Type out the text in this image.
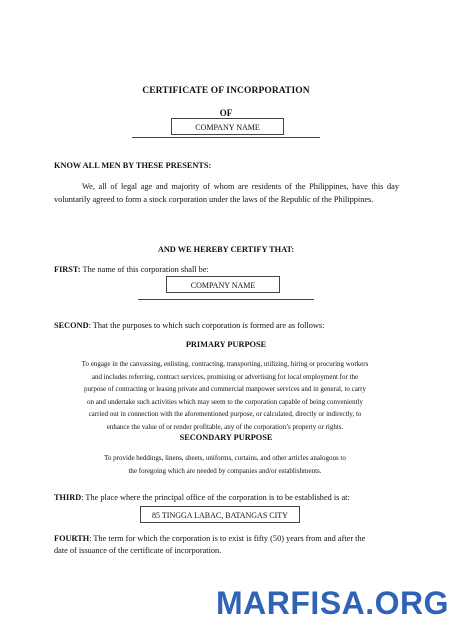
CERTIFICATE OF INCORPORATION
OF
COMPANY NAME
KNOW ALL MEN BY THESE PRESENTS:
We, all of legal age and majority of whom are residents of the Philippines, have this day voluntarily agreed to form a stock corporation under the laws of the Republic of the Philippines.
AND WE HEREBY CERTIFY THAT:
FIRST: The name of this corporation shall be:
COMPANY NAME
SECOND: That the purposes to which such corporation is formed are as follows:
PRIMARY PURPOSE
To engage in the canvassing, enlisting, contracting, transporting, utilizing, hiring or procuring workers
and includes referring, contract services, promising or advertising for local employment for the
purpose of contracting or leasing private and commercial manpower services and in general, to carry
on and undertake such activities which may seem to the corporation capable of being conveniently
carried out in connection with the aforementioned purpose, or calculated, directly or indirectly, to
enhance the value of or render profitable, any of the corporation’s property or rights.
SECONDARY PURPOSE
To provide beddings, linens, sheets, uniforms, curtains, and other articles analogous to
the foregoing which are needed by companies and/or establishments.
THIRD: The place where the principal office of the corporation is to be established is at:
85 TINGGA LABAC, BATANGAS CITY
FOURTH: The term for which the corporation is to exist is fifty (50) years from and after the
date of issuance of the certificate of incorporation.
MARFISA.ORG
